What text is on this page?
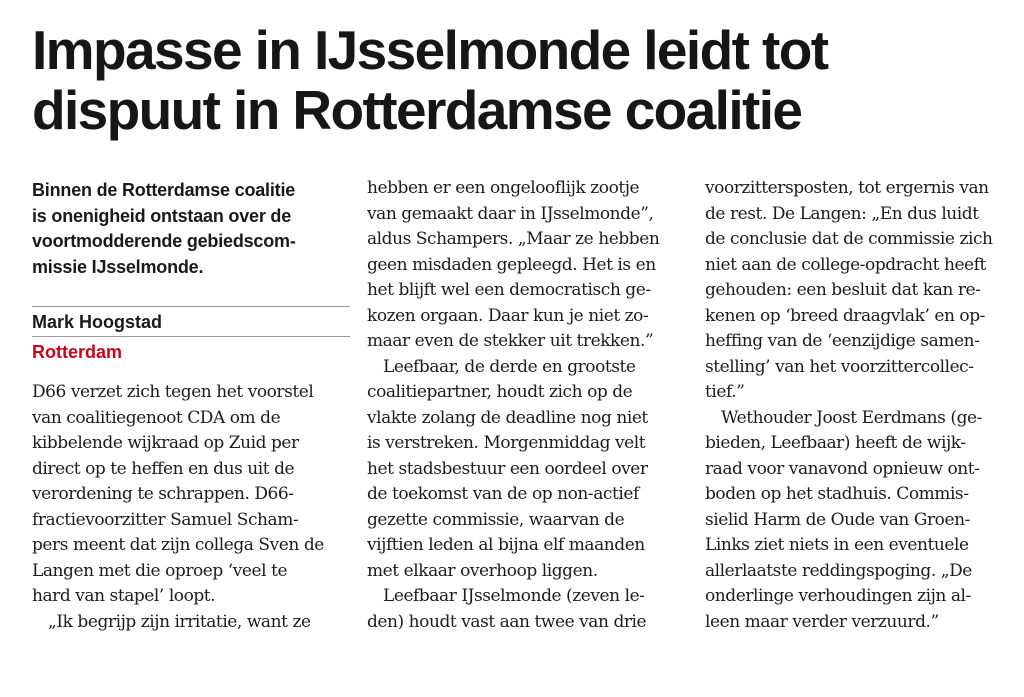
Impasse in IJsselmonde leidt tot
dispuut in Rotterdamse coalitie

Binnen de Rotterdamse coalitie
is onenigheid ontstaan over de
voortmodderende gebiedscom-
missie IJsselmonde.

Mark Hoogstad

Rotterdam

D66 verzet zich tegen het voorstel
van coalitiegenoot CDA om de
kibbelende wijkraad op Zuid per
direct op te heffen en dus uit de
verordening te schrappen. D66-
fractievoorzitter Samuel Scham-
pers meent dat zijn collega Sven de
Langen met die oproep ‘veel te
hard van stapel’ loopt.
„Ik begrijp zijn irritatie, want ze
hebben er een ongelooflijk zootje
van gemaakt daar in IJsselmonde”,
aldus Schampers. „Maar ze hebben
geen misdaden gepleegd. Het is en
het blijft wel een democratisch ge-
kozen orgaan. Daar kun je niet zo-
maar even de stekker uit trekken.”
Leefbaar, de derde en grootste
coalitiepartner, houdt zich op de
vlakte zolang de deadline nog niet
is verstreken. Morgenmiddag velt
het stadsbestuur een oordeel over
de toekomst van de op non-actief
gezette commissie, waarvan de
vijftien leden al bijna elf maanden
met elkaar overhoop liggen.
Leefbaar IJsselmonde (zeven le-
den) houdt vast aan twee van drie
voorzittersposten, tot ergernis van
de rest. De Langen: „En dus luidt
de conclusie dat de commissie zich
niet aan de college-opdracht heeft
gehouden: een besluit dat kan re-
kenen op ‘breed draagvlak’ en op-
heffing van de ‘eenzijdige samen-
stelling’ van het voorzittercollec-
tief.”
Wethouder Joost Eerdmans (ge-
bieden, Leefbaar) heeft de wijk-
raad voor vanavond opnieuw ont-
boden op het stadhuis. Commis-
sielid Harm de Oude van Groen-
Links ziet niets in een eventuele
allerlaatste reddingspoging. „De
onderlinge verhoudingen zijn al-
leen maar verder verzuurd.”
